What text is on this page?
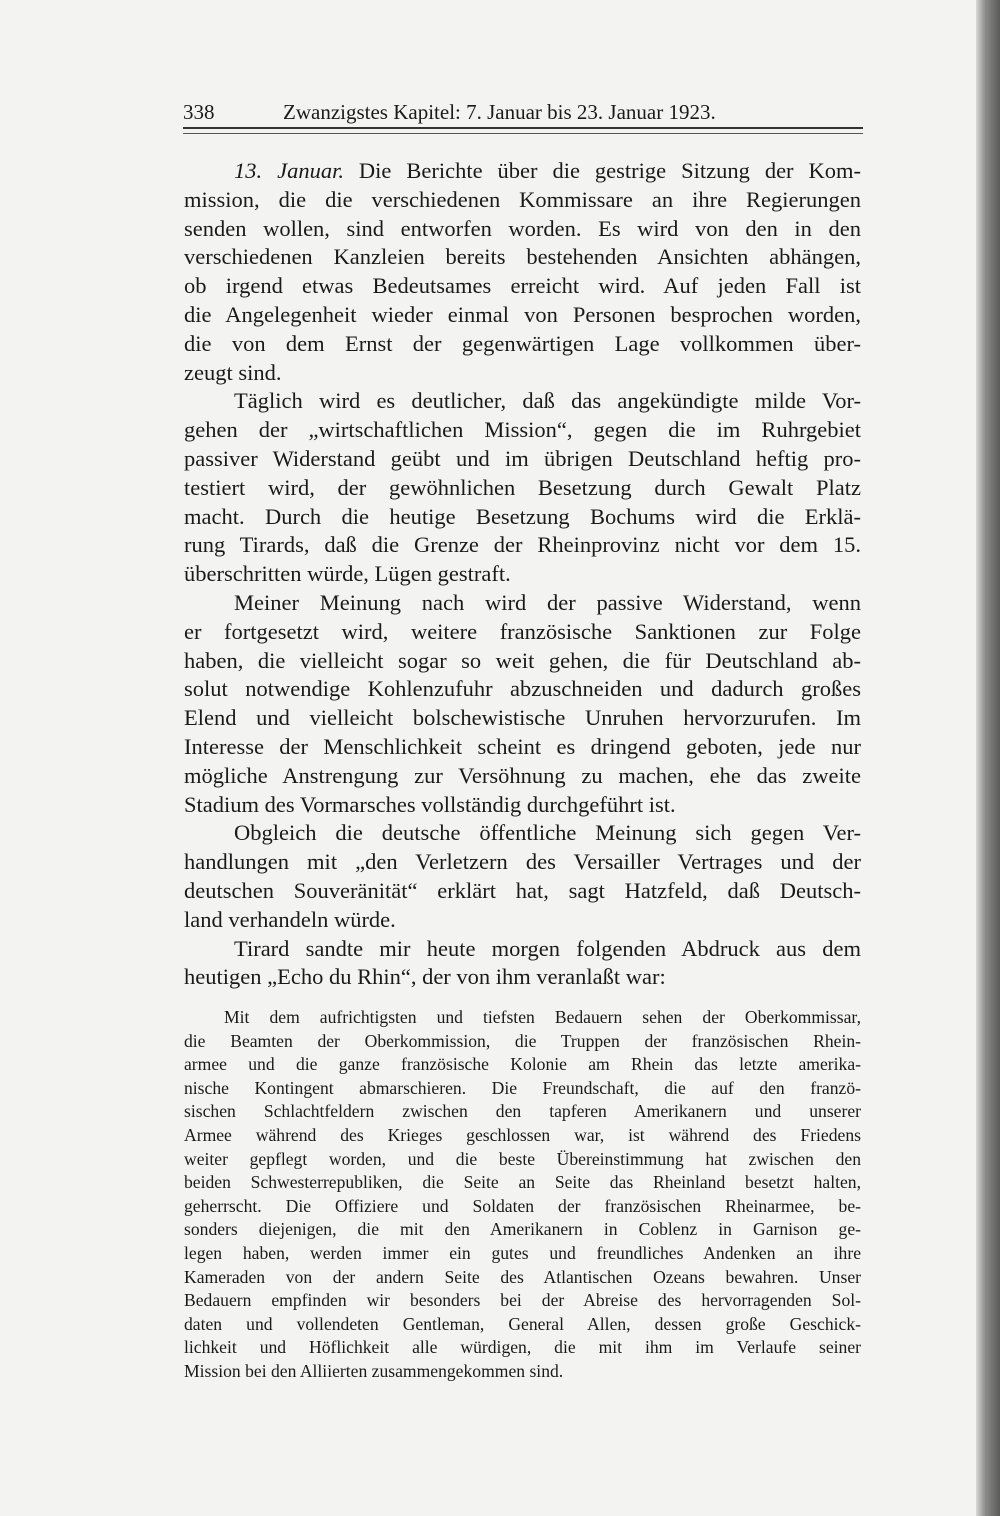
338	Zwanzigstes Kapitel: 7. Januar bis 23. Januar 1923.
13. Januar. Die Berichte über die gestrige Sitzung der Kom-
mission, die die verschiedenen Kommissare an ihre Regierungen
senden wollen, sind entworfen worden. Es wird von den in den
verschiedenen Kanzleien bereits bestehenden Ansichten abhängen,
ob irgend etwas Bedeutsames erreicht wird. Auf jeden Fall ist
die Angelegenheit wieder einmal von Personen besprochen worden,
die von dem Ernst der gegenwärtigen Lage vollkommen über-
zeugt sind.
Täglich wird es deutlicher, daß das angekündigte milde Vor-
gehen der „wirtschaftlichen Mission“, gegen die im Ruhrgebiet
passiver Widerstand geübt und im übrigen Deutschland heftig pro-
testiert wird, der gewöhnlichen Besetzung durch Gewalt Platz
macht. Durch die heutige Besetzung Bochums wird die Erklä-
rung Tirards, daß die Grenze der Rheinprovinz nicht vor dem 15.
überschritten würde, Lügen gestraft.
Meiner Meinung nach wird der passive Widerstand, wenn
er fortgesetzt wird, weitere französische Sanktionen zur Folge
haben, die vielleicht sogar so weit gehen, die für Deutschland ab-
solut notwendige Kohlenzufuhr abzuschneiden und dadurch großes
Elend und vielleicht bolschewistische Unruhen hervorzurufen. Im
Interesse der Menschlichkeit scheint es dringend geboten, jede nur
mögliche Anstrengung zur Versöhnung zu machen, ehe das zweite
Stadium des Vormarsches vollständig durchgeführt ist.
Obgleich die deutsche öffentliche Meinung sich gegen Ver-
handlungen mit „den Verletzern des Versailler Vertrages und der
deutschen Souveränität“ erklärt hat, sagt Hatzfeld, daß Deutsch-
land verhandeln würde.
Tirard sandte mir heute morgen folgenden Abdruck aus dem
heutigen „Echo du Rhin“, der von ihm veranlaßt war:
Mit dem aufrichtigsten und tiefsten Bedauern sehen der Oberkommissar,
die Beamten der Oberkommission, die Truppen der französischen Rhein-
armee und die ganze französische Kolonie am Rhein das letzte amerika-
nische Kontingent abmarschieren. Die Freundschaft, die auf den franzö-
sischen Schlachtfeldern zwischen den tapferen Amerikanern und unserer
Armee während des Krieges geschlossen war, ist während des Friedens
weiter gepflegt worden, und die beste Übereinstimmung hat zwischen den
beiden Schwesterrepubliken, die Seite an Seite das Rheinland besetzt halten,
geherrscht. Die Offiziere und Soldaten der französischen Rheinarmee, be-
sonders diejenigen, die mit den Amerikanern in Coblenz in Garnison ge-
legen haben, werden immer ein gutes und freundliches Andenken an ihre
Kameraden von der andern Seite des Atlantischen Ozeans bewahren. Unser
Bedauern empfinden wir besonders bei der Abreise des hervorragenden Sol-
daten und vollendeten Gentleman, General Allen, dessen große Geschick-
lichkeit und Höflichkeit alle würdigen, die mit ihm im Verlaufe seiner
Mission bei den Alliierten zusammengekommen sind.
